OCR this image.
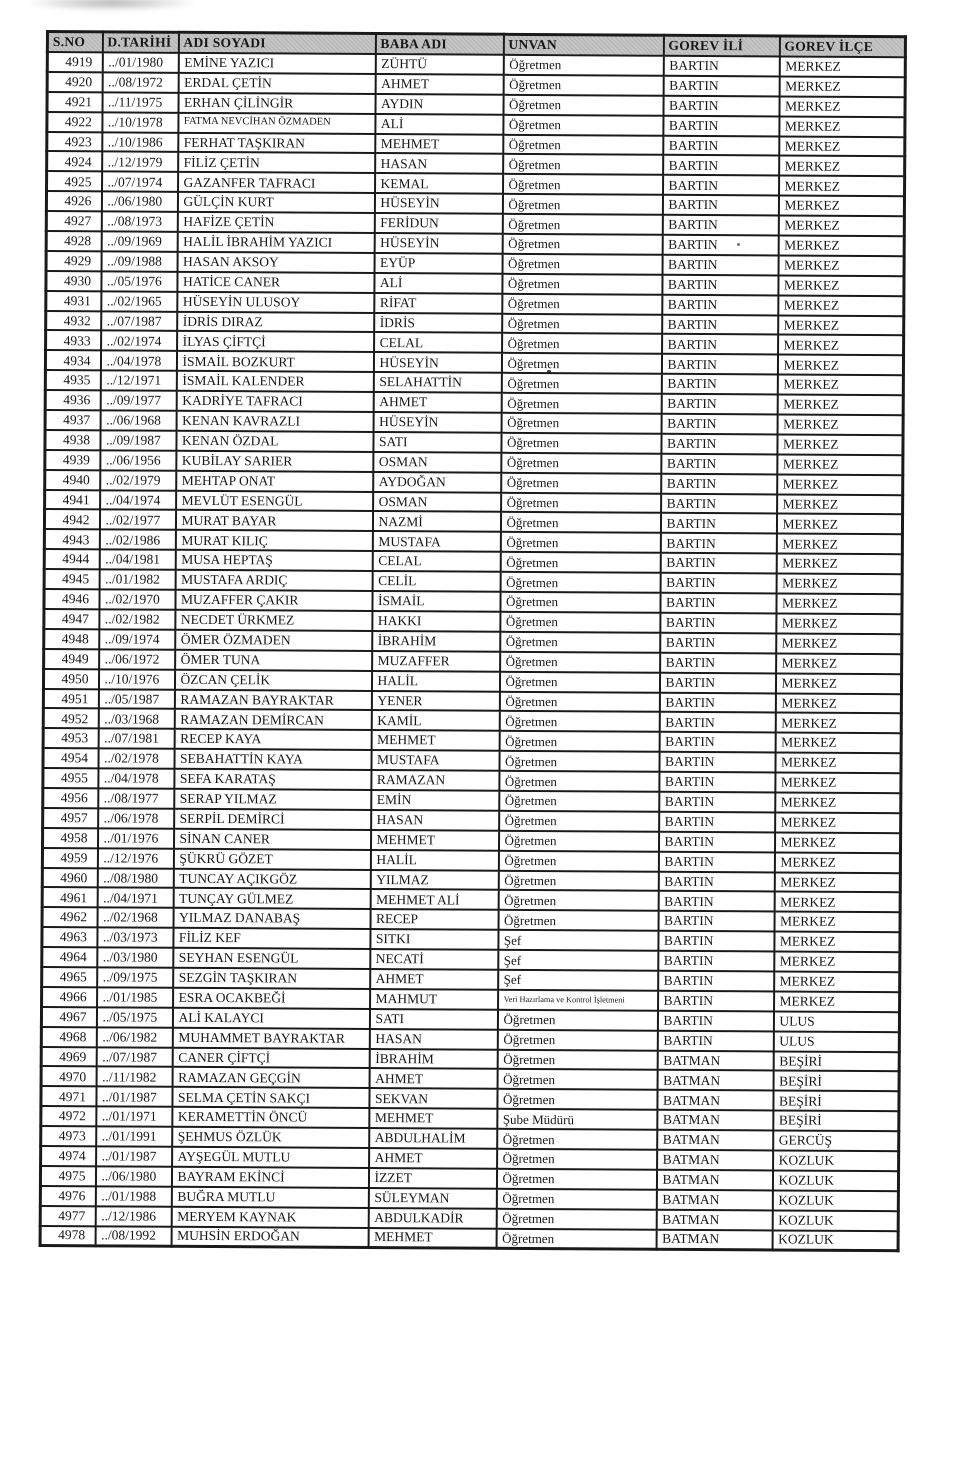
S.NO	D.TARİHİ	ADI SOYADI	BABA ADI	UNVAN	GOREV İLİ	GOREV İLÇE
4919	../01/1980	EMİNE YAZICI	ZÜHTÜ	Öğretmen	BARTIN	MERKEZ
4920	../08/1972	ERDAL ÇETİN	AHMET	Öğretmen	BARTIN	MERKEZ
4921	../11/1975	ERHAN ÇİLİNGİR	AYDIN	Öğretmen	BARTIN	MERKEZ
4922	../10/1978	FATMA NEVCİHAN ÖZMADEN	ALİ	Öğretmen	BARTIN	MERKEZ
4923	../10/1986	FERHAT TAŞKIRAN	MEHMET	Öğretmen	BARTIN	MERKEZ
4924	../12/1979	FİLİZ ÇETİN	HASAN	Öğretmen	BARTIN	MERKEZ
4925	../07/1974	GAZANFER TAFRACI	KEMAL	Öğretmen	BARTIN	MERKEZ
4926	../06/1980	GÜLÇİN KURT	HÜSEYİN	Öğretmen	BARTIN	MERKEZ
4927	../08/1973	HAFİZE ÇETİN	FERİDUN	Öğretmen	BARTIN	MERKEZ
4928	../09/1969	HALİL İBRAHİM YAZICI	HÜSEYİN	Öğretmen	BARTIN	MERKEZ
4929	../09/1988	HASAN AKSOY	EYÜP	Öğretmen	BARTIN	MERKEZ
4930	../05/1976	HATİCE CANER	ALİ	Öğretmen	BARTIN	MERKEZ
4931	../02/1965	HÜSEYİN ULUSOY	RİFAT	Öğretmen	BARTIN	MERKEZ
4932	../07/1987	İDRİS DIRAZ	İDRİS	Öğretmen	BARTIN	MERKEZ
4933	../02/1974	İLYAS ÇİFTÇİ	CELAL	Öğretmen	BARTIN	MERKEZ
4934	../04/1978	İSMAİL BOZKURT	HÜSEYİN	Öğretmen	BARTIN	MERKEZ
4935	../12/1971	İSMAİL KALENDER	SELAHATTİN	Öğretmen	BARTIN	MERKEZ
4936	../09/1977	KADRİYE TAFRACI	AHMET	Öğretmen	BARTIN	MERKEZ
4937	../06/1968	KENAN KAVRAZLI	HÜSEYİN	Öğretmen	BARTIN	MERKEZ
4938	../09/1987	KENAN ÖZDAL	SATI	Öğretmen	BARTIN	MERKEZ
4939	../06/1956	KUBİLAY SARIER	OSMAN	Öğretmen	BARTIN	MERKEZ
4940	../02/1979	MEHTAP ONAT	AYDOĞAN	Öğretmen	BARTIN	MERKEZ
4941	../04/1974	MEVLÜT ESENGÜL	OSMAN	Öğretmen	BARTIN	MERKEZ
4942	../02/1977	MURAT BAYAR	NAZMİ	Öğretmen	BARTIN	MERKEZ
4943	../02/1986	MURAT KILIÇ	MUSTAFA	Öğretmen	BARTIN	MERKEZ
4944	../04/1981	MUSA HEPTAŞ	CELAL	Öğretmen	BARTIN	MERKEZ
4945	../01/1982	MUSTAFA ARDIÇ	CELİL	Öğretmen	BARTIN	MERKEZ
4946	../02/1970	MUZAFFER ÇAKIR	İSMAİL	Öğretmen	BARTIN	MERKEZ
4947	../02/1982	NECDET ÜRKMEZ	HAKKI	Öğretmen	BARTIN	MERKEZ
4948	../09/1974	ÖMER ÖZMADEN	İBRAHİM	Öğretmen	BARTIN	MERKEZ
4949	../06/1972	ÖMER TUNA	MUZAFFER	Öğretmen	BARTIN	MERKEZ
4950	../10/1976	ÖZCAN ÇELİK	HALİL	Öğretmen	BARTIN	MERKEZ
4951	../05/1987	RAMAZAN BAYRAKTAR	YENER	Öğretmen	BARTIN	MERKEZ
4952	../03/1968	RAMAZAN DEMİRCAN	KAMİL	Öğretmen	BARTIN	MERKEZ
4953	../07/1981	RECEP KAYA	MEHMET	Öğretmen	BARTIN	MERKEZ
4954	../02/1978	SEBAHATTİN KAYA	MUSTAFA	Öğretmen	BARTIN	MERKEZ
4955	../04/1978	SEFA KARATAŞ	RAMAZAN	Öğretmen	BARTIN	MERKEZ
4956	../08/1977	SERAP YILMAZ	EMİN	Öğretmen	BARTIN	MERKEZ
4957	../06/1978	SERPİL DEMİRCİ	HASAN	Öğretmen	BARTIN	MERKEZ
4958	../01/1976	SİNAN CANER	MEHMET	Öğretmen	BARTIN	MERKEZ
4959	../12/1976	ŞÜKRÜ GÖZET	HALİL	Öğretmen	BARTIN	MERKEZ
4960	../08/1980	TUNCAY AÇIKGÖZ	YILMAZ	Öğretmen	BARTIN	MERKEZ
4961	../04/1971	TUNÇAY GÜLMEZ	MEHMET ALİ	Öğretmen	BARTIN	MERKEZ
4962	../02/1968	YILMAZ DANABAŞ	RECEP	Öğretmen	BARTIN	MERKEZ
4963	../03/1973	FİLİZ KEF	SITKI	Şef	BARTIN	MERKEZ
4964	../03/1980	SEYHAN ESENGÜL	NECATİ	Şef	BARTIN	MERKEZ
4965	../09/1975	SEZGİN TAŞKIRAN	AHMET	Şef	BARTIN	MERKEZ
4966	../01/1985	ESRA OCAKBEĞİ	MAHMUT	Veri Hazırlama ve Kontrol İşletmeni	BARTIN	MERKEZ
4967	../05/1975	ALİ KALAYCI	SATI	Öğretmen	BARTIN	ULUS
4968	../06/1982	MUHAMMET BAYRAKTAR	HASAN	Öğretmen	BARTIN	ULUS
4969	../07/1987	CANER ÇİFTÇİ	İBRAHİM	Öğretmen	BATMAN	BEŞİRİ
4970	../11/1982	RAMAZAN GEÇGİN	AHMET	Öğretmen	BATMAN	BEŞİRİ
4971	../01/1987	SELMA ÇETİN SAKÇI	SEKVAN	Öğretmen	BATMAN	BEŞİRİ
4972	../01/1971	KERAMETTİN ÖNCÜ	MEHMET	Şube Müdürü	BATMAN	BEŞİRİ
4973	../01/1991	ŞEHMUS ÖZLÜK	ABDULHALİM	Öğretmen	BATMAN	GERCÜŞ
4974	../01/1987	AYŞEGÜL MUTLU	AHMET	Öğretmen	BATMAN	KOZLUK
4975	../06/1980	BAYRAM EKİNCİ	İZZET	Öğretmen	BATMAN	KOZLUK
4976	../01/1988	BUĞRA MUTLU	SÜLEYMAN	Öğretmen	BATMAN	KOZLUK
4977	../12/1986	MERYEM KAYNAK	ABDULKADİR	Öğretmen	BATMAN	KOZLUK
4978	../08/1992	MUHSİN ERDOĞAN	MEHMET	Öğretmen	BATMAN	KOZLUK
